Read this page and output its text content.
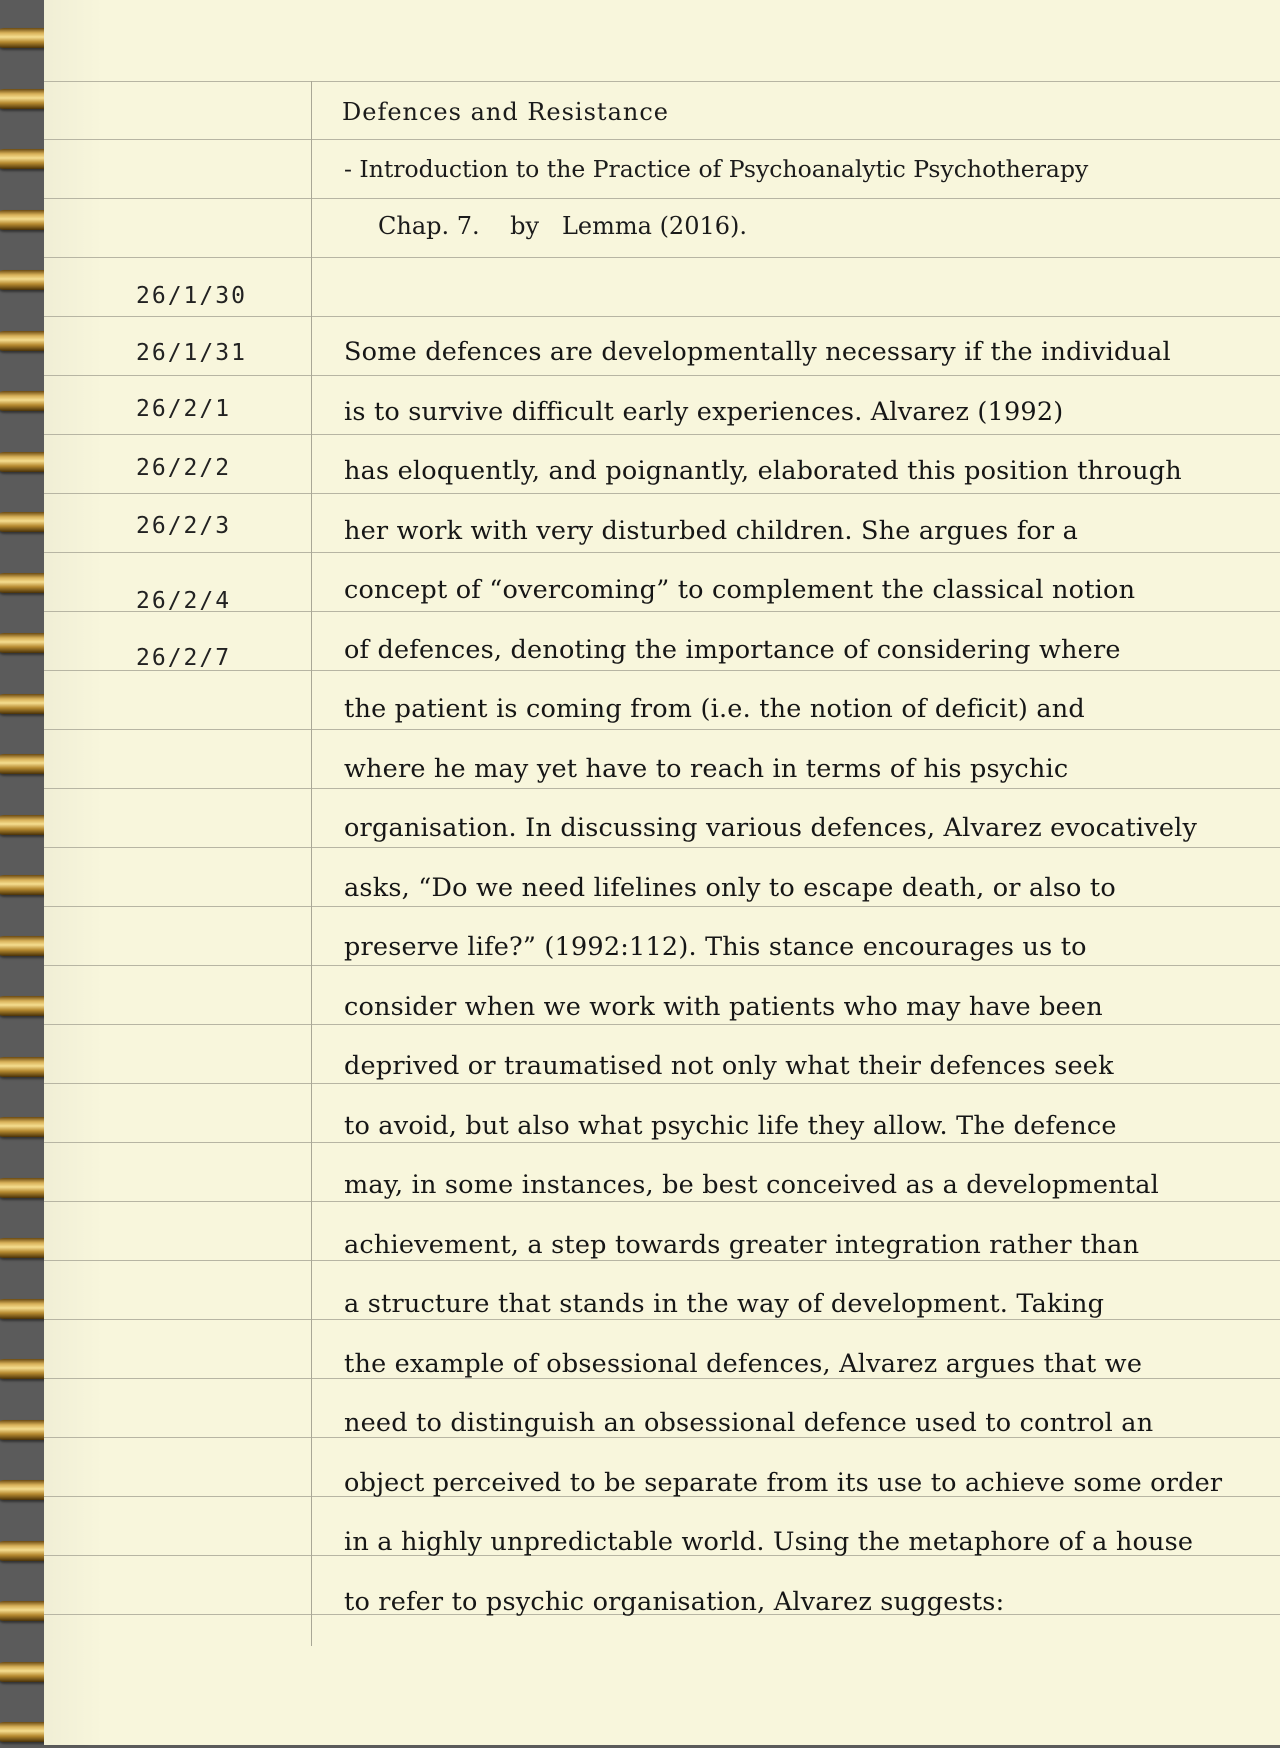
Defences and Resistance
- Introduction to the Practice of Psychoanalytic Psychotherapy
Chap. 7.    by   Lemma (2016).
26/1/30
26/1/31
26/2/1
26/2/2
26/2/3
26/2/4
26/2/7
Some defences are developmentally necessary if the individual
is to survive difficult early experiences. Alvarez (1992)
has eloquently, and poignantly, elaborated this position through
her work with very disturbed children. She argues for a
concept of “overcoming” to complement the classical notion
of defences, denoting the importance of considering where
the patient is coming from (i.e. the notion of deficit) and
where he may yet have to reach in terms of his psychic
organisation. In discussing various defences, Alvarez evocatively
asks, “Do we need lifelines only to escape death, or also to
preserve life?” (1992:112). This stance encourages us to
consider when we work with patients who may have been
deprived or traumatised not only what their defences seek
to avoid, but also what psychic life they allow. The defence
may, in some instances, be best conceived as a developmental
achievement, a step towards greater integration rather than
a structure that stands in the way of development. Taking
the example of obsessional defences, Alvarez argues that we
need to distinguish an obsessional defence used to control an
object perceived to be separate from its use to achieve some order
in a highly unpredictable world. Using the metaphore of a house
to refer to psychic organisation, Alvarez suggests:
